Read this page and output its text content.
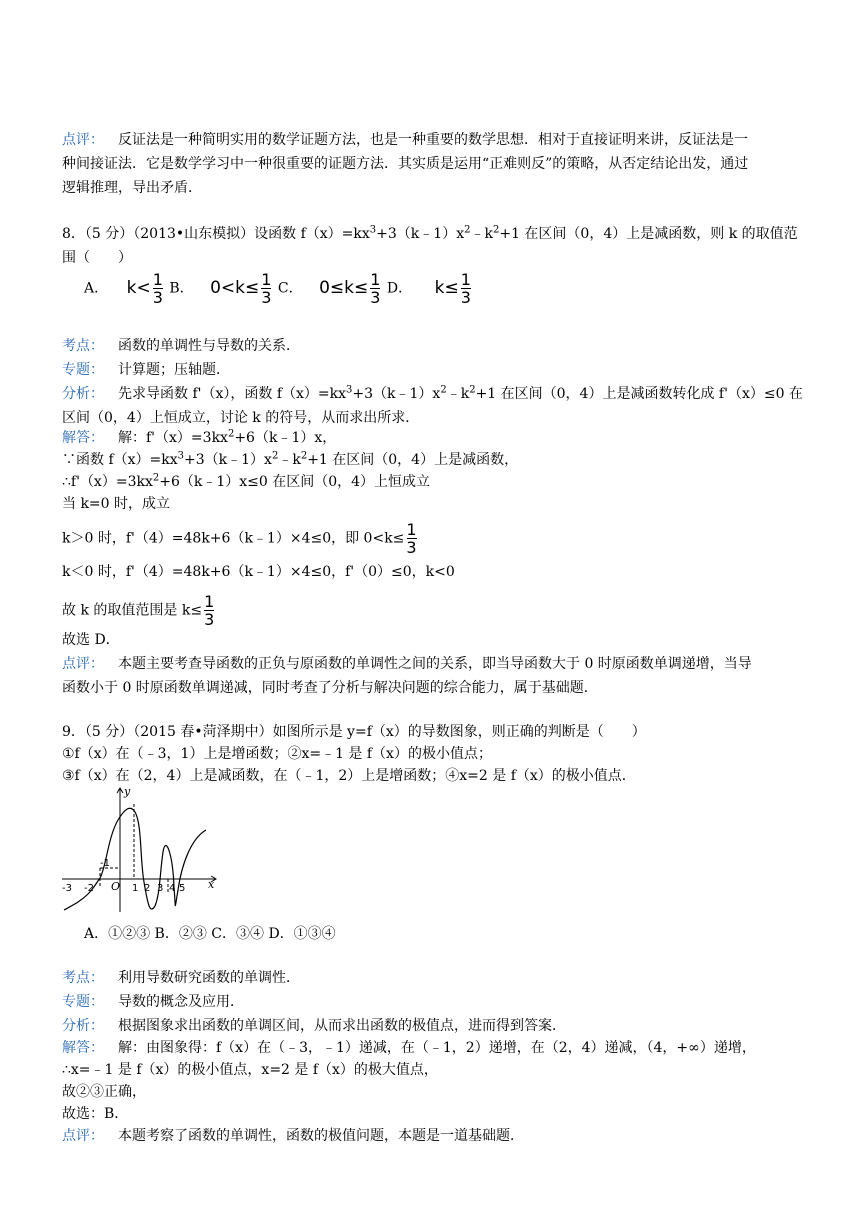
点评： 反证法是一种简明实用的数学证题方法，也是一种重要的数学思想．相对于直接证明来讲，反证法是一
种间接证法．它是数学学习中一种很重要的证题方法．其实质是运用“正难则反”的策略，从否定结论出发，通过
逻辑推理，导出矛盾．
8．（5 分）（2013•山东模拟）设函数 $f(x)=kx^3+3(k﹣1)x^2﹣k^2+1$ 在区间（0，4）上是减函数，则 k 的取值范
围（　　）
A． $k< \frac{1}{3}$ B． $0<k\le \frac{1}{3}$ C． $0\le k\le \frac{1}{3}$ D． $k\le \frac{1}{3}$
考点： 函数的单调性与导数的关系．
专题： 计算题；压轴题．
分析： 先求导函数 f'（x），函数 $f(x)=kx^3+3(k﹣1)x^2﹣k^2+1$ 在区间（0，4）上是减函数转化成 f'（x）≤0 在
区间（0，4）上恒成立，讨论 k 的符号，从而求出所求．
解答： 解：$f'(x)=3kx^2+6(k﹣1)x$，
∵函数 $f(x)=kx^3+3(k﹣1)x^2﹣k^2+1$ 在区间（0，4）上是减函数，
$\therefore f'(x)=3kx^2+6(k﹣1)x\le 0$ 在区间（0，4）上恒成立
当 k=0 时，成立
k＞0 时，f'（4）=48k+6（k﹣1）×4≤0，即 $0<k\le \frac{1}{3}$
k＜0 时，f'（4）=48k+6（k﹣1）×4≤0，f'（0）≤0，k<0
故 k 的取值范围是 $k\le \frac{1}{3}$
故选 D．
点评： 本题主要考查导函数的正负与原函数的单调性之间的关系，即当导函数大于 0 时原函数单调递增，当导
函数小于 0 时原函数单调递减，同时考查了分析与解决问题的综合能力，属于基础题．
9．（5 分）（2015 春•菏泽期中）如图所示是 y=f（x）的导数图象，则正确的判断是（　　）
①f（x）在（﹣3，1）上是增函数；②x=﹣1 是 f（x）的极小值点；
③f（x）在（2，4）上是减函数，在（﹣1，2）上是增函数；④x=2 是 f（x）的极小值点．
y
x
O
-3 -2
-1
1 2 3 4 5
A．①②③ B．②③ C．③④ D．①③④
考点： 利用导数研究函数的单调性．
专题： 导数的概念及应用．
分析： 根据图象求出函数的单调区间，从而求出函数的极值点，进而得到答案．
解答： 解：由图象得：f（x）在（﹣3，﹣1）递减，在（﹣1，2）递增，在（2，4）递减，（4，+∞）递增，
∴x=﹣1 是 f（x）的极小值点，x=2 是 f（x）的极大值点，
故②③正确，
故选：B．
点评： 本题考察了函数的单调性，函数的极值问题，本题是一道基础题．
